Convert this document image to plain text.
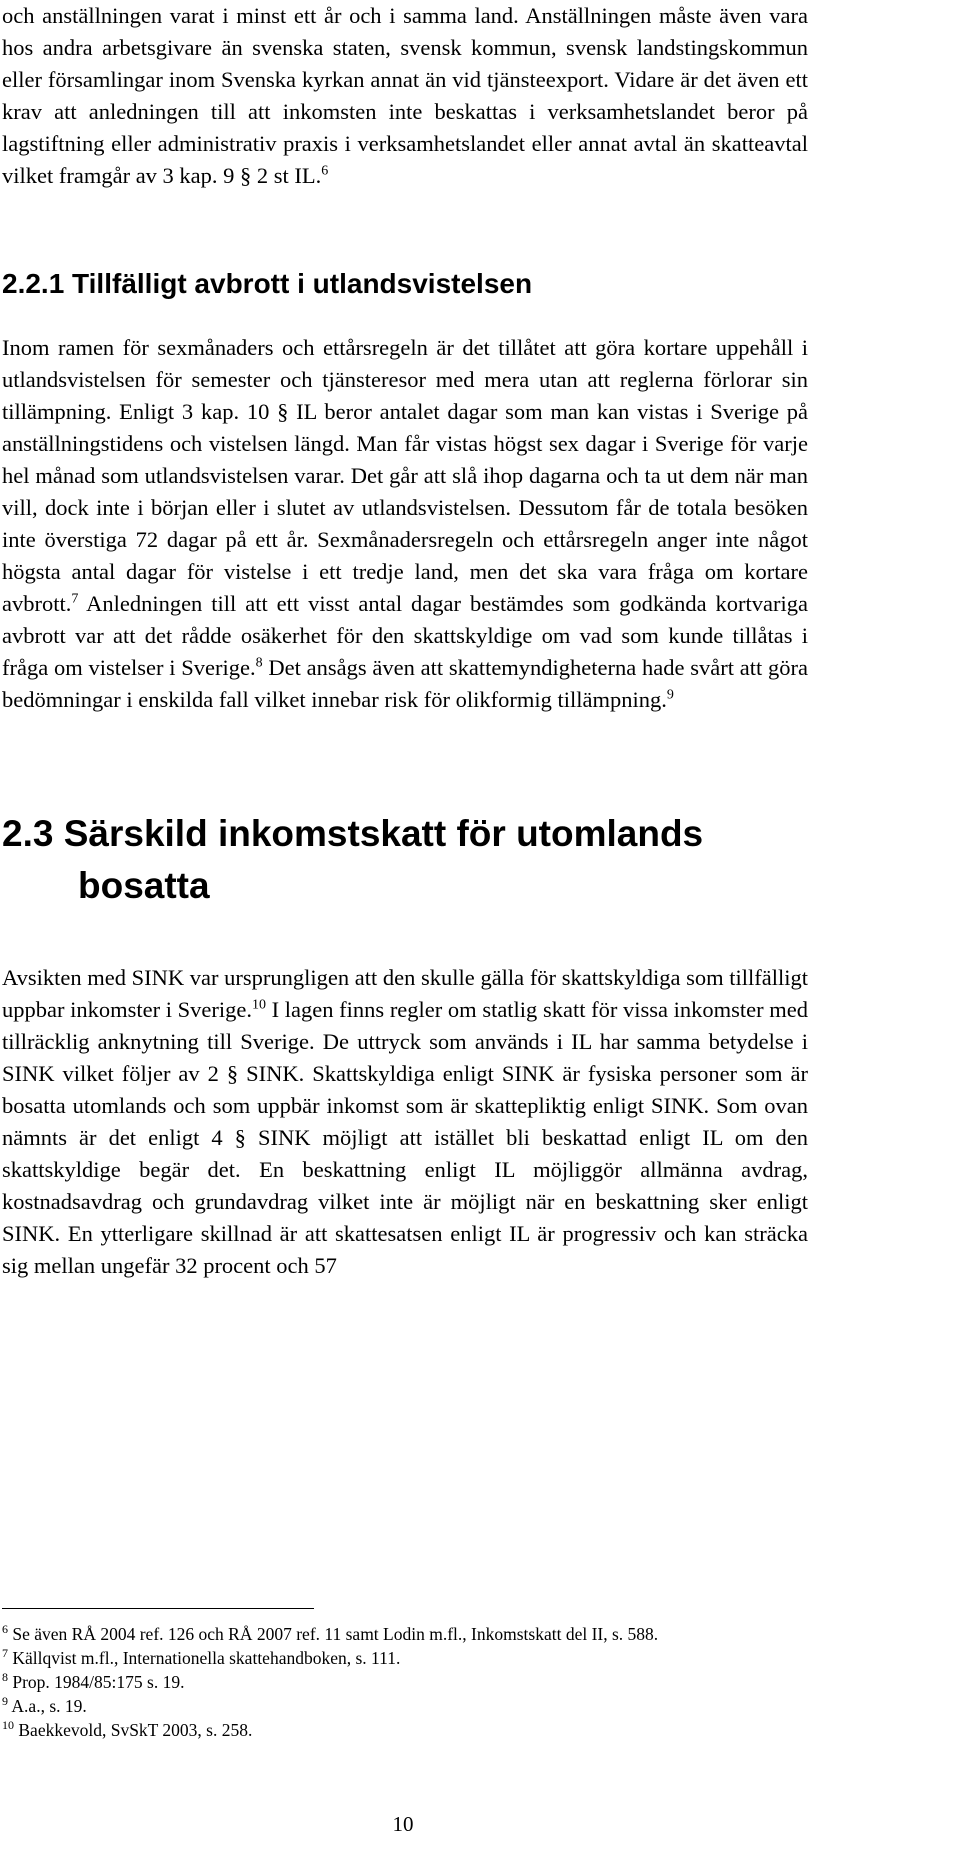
och anställningen varat i minst ett år och i samma land. Anställningen måste även vara hos andra arbetsgivare än svenska staten, svensk kommun, svensk landstingskommun eller församlingar inom Svenska kyrkan annat än vid tjänsteexport. Vidare är det även ett krav att anledningen till att inkomsten inte beskattas i verksamhetslandet beror på lagstiftning eller administrativ praxis i verksamhetslandet eller annat avtal än skatteavtal vilket framgår av 3 kap. 9 § 2 st IL.$^6$

2.2.1 Tillfälligt avbrott i utlandsvistelsen

Inom ramen för sexmånaders och ettårsregeln är det tillåtet att göra kortare uppehåll i utlandsvistelsen för semester och tjänsteresor med mera utan att reglerna förlorar sin tillämpning. Enligt 3 kap. 10 § IL beror antalet dagar som man kan vistas i Sverige på anställningstidens och vistelsen längd. Man får vistas högst sex dagar i Sverige för varje hel månad som utlandsvistelsen varar. Det går att slå ihop dagarna och ta ut dem när man vill, dock inte i början eller i slutet av utlandsvistelsen. Dessutom får de totala besöken inte överstiga 72 dagar på ett år. Sexmånadersregeln och ettårsregeln anger inte något högsta antal dagar för vistelse i ett tredje land, men det ska vara fråga om kortare avbrott.$^7$ Anledningen till att ett visst antal dagar bestämdes som godkända kortvariga avbrott var att det rådde osäkerhet för den skattskyldige om vad som kunde tillåtas i fråga om vistelser i Sverige.$^8$ Det ansågs även att skattemyndigheterna hade svårt att göra bedömningar i enskilda fall vilket innebar risk för olikformig tillämpning.$^9$

2.3 Särskild inkomstskatt för utomlands bosatta

Avsikten med SINK var ursprungligen att den skulle gälla för skattskyldiga som tillfälligt uppbar inkomster i Sverige.$^{10}$ I lagen finns regler om statlig skatt för vissa inkomster med tillräcklig anknytning till Sverige. De uttryck som används i IL har samma betydelse i SINK vilket följer av 2 § SINK. Skattskyldiga enligt SINK är fysiska personer som är bosatta utomlands och som uppbär inkomst som är skattepliktig enligt SINK. Som ovan nämnts är det enligt 4 § SINK möjligt att istället bli beskattad enligt IL om den skattskyldige begär det. En beskattning enligt IL möjliggör allmänna avdrag, kostnadsavdrag och grundavdrag vilket inte är möjligt när en beskattning sker enligt SINK. En ytterligare skillnad är att skattesatsen enligt IL är progressiv och kan sträcka sig mellan ungefär 32 procent och 57

$^6$ Se även RÅ 2004 ref. 126 och RÅ 2007 ref. 11 samt Lodin m.fl., Inkomstskatt del II, s. 588.

$^7$ Källqvist m.fl., Internationella skattehandboken, s. 111.

$^8$ Prop. 1984/85:175 s. 19.

$^9$ A.a., s. 19.

$^{10}$ Baekkevold, SvSkT 2003, s. 258.

10
